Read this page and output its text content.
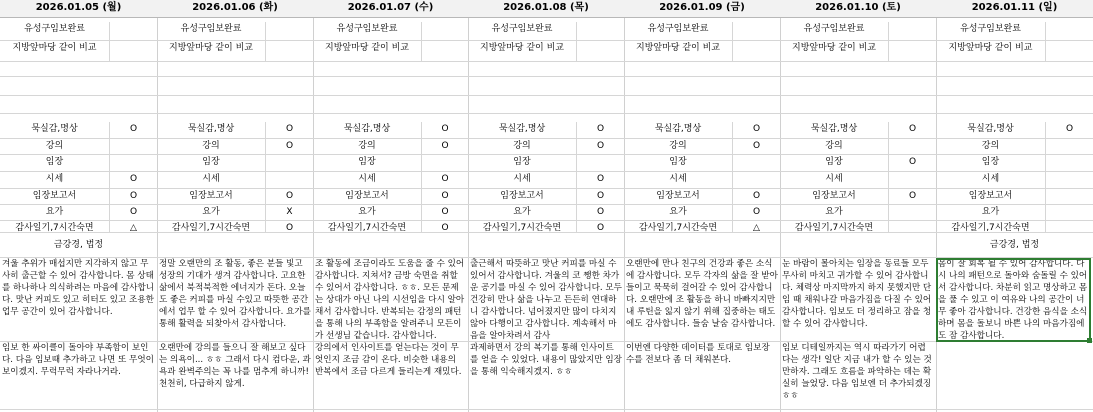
2026.01.05 (월)
유성구임보완료
지방앞마당 같이 비교
묵실감,명상	O
강의
임장
시세	O
임장보고서	O
요가	O
감사일기,7시간숙면	△
금강경, 법정
겨울 추위가 매섭지만 지각하지 않고 무사히 출근할 수 있어 감사합니다. 몸 상태를 하나하나 의식하려는 마음에 감사합니다. 맛난 커피도 있고 히터도 있고 조용한 업무 공간이 있어 감사합니다.
임보 한 싸이클이 돌아야 부족함이 보인다. 다음 임보때 추가하고 나면 또 무엇이 보이겠지. 무럭무럭 자라나거라.
2026.01.06 (화)
유성구임보완료
지방앞마당 같이 비교
묵실감,명상	O
강의	O
임장
시세
임장보고서	O
요가	X
감사일기,7시간숙면	O
정말 오랜만의 조 활동, 좋은 분들 빛고 성장의 기대가 생겨 감사합니다. 고요한 삶에서 북적북적한 에너지가 돈다. 오늘도 좋은 커피를 마실 수있고 따뜻한 공간에서 업무 할 수 있어 감사합니다. 요가를 통해 활력을 되찾아서 감사합니다.
오랜만에 강의를 들으니 잘 해보고 싶다는 의욕이... ㅎㅎ 그래서 다시 컴다운, 과욕과 완벽주의는 꼭 나를 멈추게 하니까! 천천히, 다급하지 않게.
2026.01.07 (수)
유성구임보완료
지방앞마당 같이 비교
묵실감,명상	O
강의	O
임장
시세	O
임장보고서	O
요가	O
감사일기,7시간숙면	O
조 활동에 조금이라도 도움을 줄 수 있어 감사합니다. 지쳐서? 금방 숙면을 취할 수 있어서 감사합니다. ㅎㅎ. 모든 문제는 상대가 아닌 나의 시선임을 다시 알아채서 감사합니다. 반복되는 감정의 패턴을 통해 나의 부족함을 알려주니 모든이가 선생님 같습니다. 감사합니다.
강의에서 인사이트를 얻는다는 것이 무엇인지 조금 감이 온다. 비슷한 내용의 반복에서 조금 다르게 들리는게 재밌다.
2026.01.08 (목)
유성구임보완료
지방앞마당 같이 비교
묵실감,명상	O
강의	O
임장
시세	O
임장보고서	O
요가	O
감사일기,7시간숙면	O
출근해서 따뜻하고 맛난 커피를 마실 수 있어서 감사합니다. 겨울의 코 쨍한 차가운 공기를 마실 수 있어 감사합니다. 모두 건강히 만나 삶을 나누고 든든히 연대하니 감사합니다. 넘어졌지만 많이 다치지 않아 다행이고 감사합니다. 계속해서 마음을 알아차려서 감사
과제하면서 강의 복기를 통해 인사이트를 얻을 수 있었다. 내용이 많았지만 임장을 통해 익숙해지겠지. ㅎㅎ
2026.01.09 (금)
유성구임보완료
지방앞마당 같이 비교
묵실감,명상	O
강의	O
임장
시세
임장보고서	O
요가	O
감사일기,7시간숙면	△
오랜만에 만나 친구의 건강과 좋은 소식에 감사합니다. 모두 각자의 삶을 잘 받아들이고 묵묵히 걸어갈 수 있어 감사합니다. 오랜만에 조 활동을 하니 바빠지지만 내 루틴을 잃지 않기 위해 집중하는 태도에도 감사합니다. 들숨 날숨 감사합니다.
이번엔 다양한 데이터를 토대로 임보장수를 전보다 좀 더 채워본다.
2026.01.10 (토)
유성구임보완료
지방앞마당 같이 비교
묵실감,명상	O
강의
임장	O
시세
임장보고서	O
요가
감사일기,7시간숙면
눈 바람이 몰아치는 임장을 동료들 모두 무사히 마치고 귀가할 수 있어 감사합니다. 체력상 마지막까지 하지 못했지만 단임 때 채워나갈 마음가짐을 다질 수 있어 감사합니다. 임보도 더 정리하고 잠을 청할 수 있어 감사합니다.
임보 디테일까지는 역시 따라가기 어렵다는 생각! 일단 지금 내가 할 수 있는 것 만하자. 그래도 흐름을 파악하는 데는 확실히 늘었당. 다음 임보엔 더 추가되겠징 ㅎㅎ
2026.01.11 (일)
유성구임보완료
지방앞마당 같이 비교
묵실감,명상	O
강의
임장
시세
임장보고서
요가
감사일기,7시간숙면
금강경, 법정
몸이 잘 회복 될 수 있어 감사합니다. 다시 나의 패턴으로 돌아와 숨돌릴 수 있어서 감사합니다. 차분히 읽고 명상하고 몸을 풀 수 있고 이 여유와 나의 공간이 너무 좋아 감사합니다. 건강한 음식을 소식하며 몸을 돌보니 바쁜 나의 마음가짐에도 잠 감사합니다.
